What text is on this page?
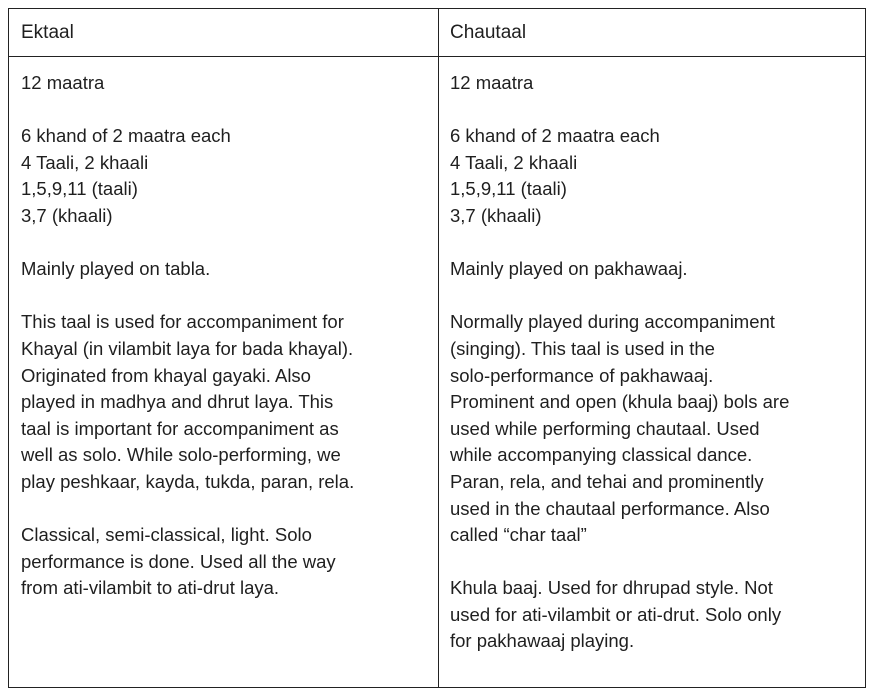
Ektaal	Chautaal
12 maatra
6 khand of 2 maatra each
4 Taali, 2 khaali
1,5,9,11 (taali)
3,7 (khaali)
Mainly played on tabla.
This taal is used for accompaniment for
Khayal (in vilambit laya for bada khayal).
Originated from khayal gayaki. Also
played in madhya and dhrut laya. This
taal is important for accompaniment as
well as solo. While solo-performing, we
play peshkaar, kayda, tukda, paran, rela.
Classical, semi-classical, light. Solo
performance is done. Used all the way
from ati-vilambit to ati-drut laya.
12 maatra
6 khand of 2 maatra each
4 Taali, 2 khaali
1,5,9,11 (taali)
3,7 (khaali)
Mainly played on pakhawaaj.
Normally played during accompaniment
(singing). This taal is used in the
solo-performance of pakhawaaj.
Prominent and open (khula baaj) bols are
used while performing chautaal. Used
while accompanying classical dance.
Paran, rela, and tehai and prominently
used in the chautaal performance. Also
called “char taal”
Khula baaj. Used for dhrupad style. Not
used for ati-vilambit or ati-drut. Solo only
for pakhawaaj playing.
